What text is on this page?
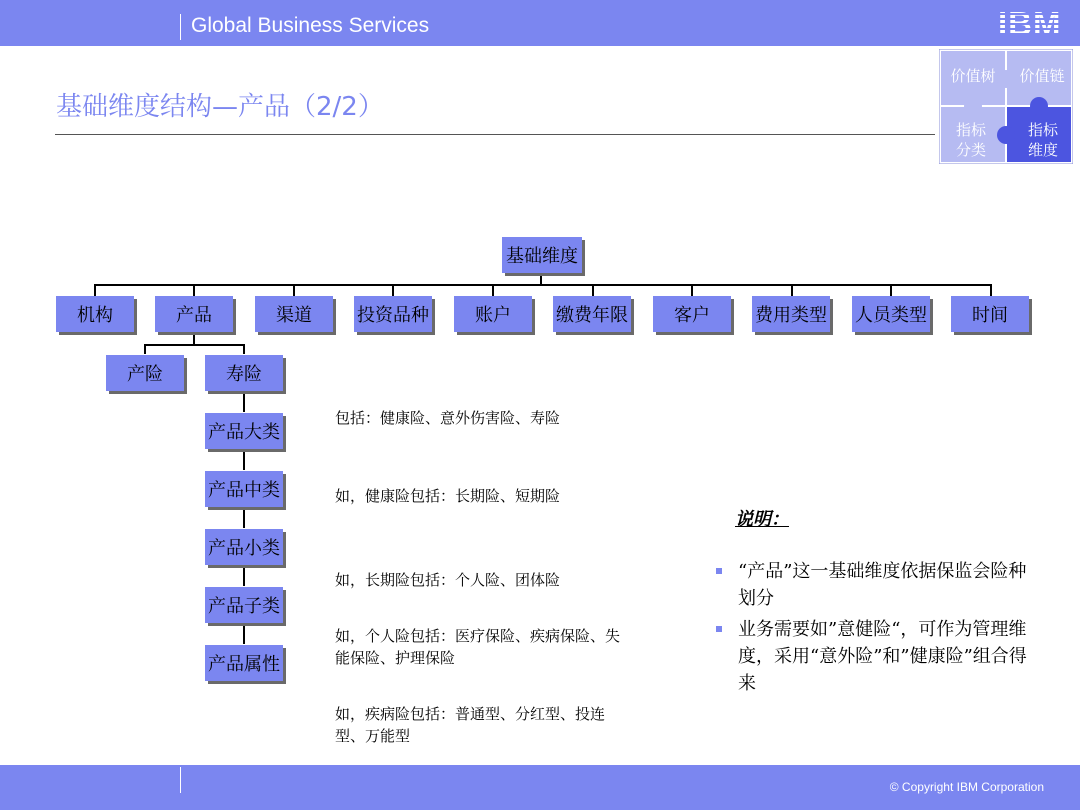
Global Business Services	IBM
基础维度结构—产品（2/2）
价值树 价值链
指标
分类
指标
维度
基础维度
机构	产品	渠道	投资品种	账户	缴费年限	客户	费用类型 人员类型	时间
产险	寿险
产品大类
产品中类
产品小类
产品子类
产品属性
包括：健康险、意外伤害险、寿险
如，健康险包括：长期险、短期险
如，长期险包括：个人险、团体险
如，个人险包括：医疗保险、疾病保险、失能保险、护理保险
如，疾病险包括：普通型、分红型、投连型、万能型
说明：
“产品”这一基础维度依据保监会险种划分
业务需要如”意健险“，可作为管理维度，采用“意外险”和”健康险”组合得来
© Copyright IBM Corporation
